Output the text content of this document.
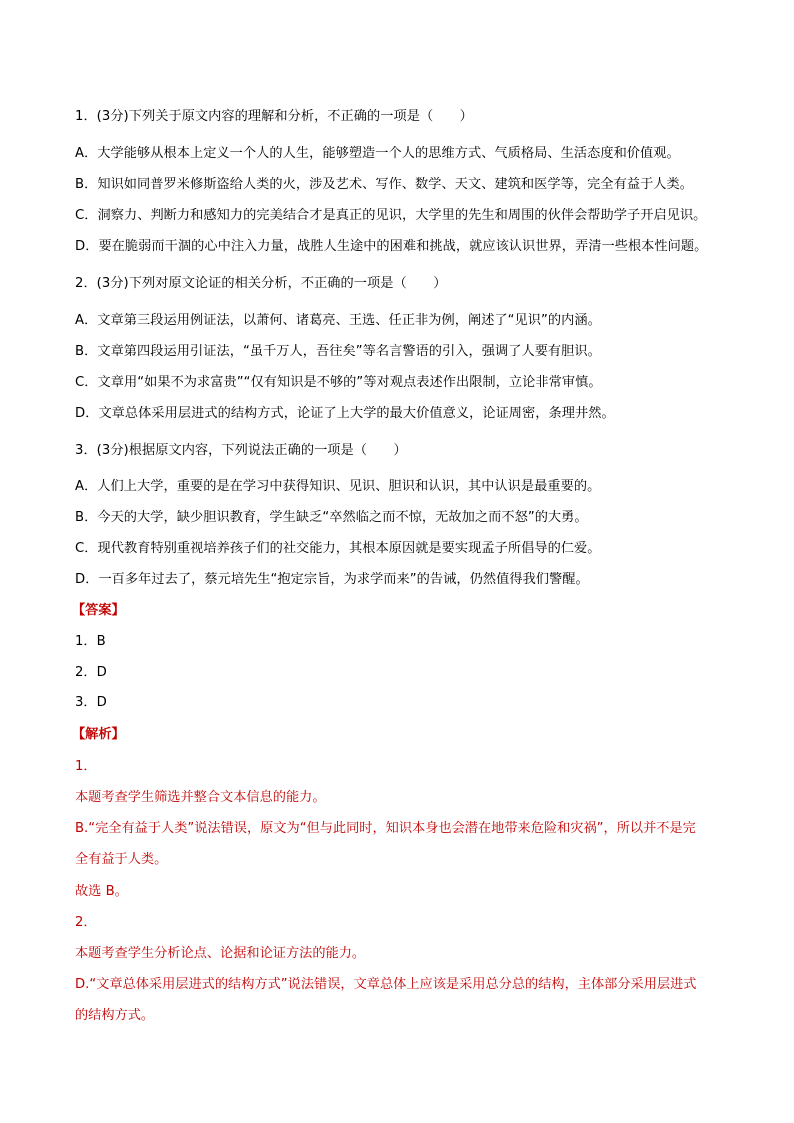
1．(3分)下列关于原文内容的理解和分析，不正确的一项是（　　）
A．大学能够从根本上定义一个人的人生，能够塑造一个人的思维方式、气质格局、生活态度和价值观。
B．知识如同普罗米修斯盗给人类的火，涉及艺术、写作、数学、天文、建筑和医学等，完全有益于人类。
C．洞察力、判断力和感知力的完美结合才是真正的见识，大学里的先生和周围的伙伴会帮助学子开启见识。
D．要在脆弱而干涸的心中注入力量，战胜人生途中的困难和挑战，就应该认识世界，弄清一些根本性问题。
2．(3分)下列对原文论证的相关分析，不正确的一项是（　　）
A．文章第三段运用例证法，以萧何、诸葛亮、王选、任正非为例，阐述了“见识”的内涵。
B．文章第四段运用引证法，“虽千万人，吾往矣”等名言警语的引入，强调了人要有胆识。
C．文章用“如果不为求富贵”“仅有知识是不够的”等对观点表述作出限制，立论非常审慎。
D．文章总体采用层进式的结构方式，论证了上大学的最大价值意义，论证周密，条理井然。
3．(3分)根据原文内容，下列说法正确的一项是（　　）
A．人们上大学，重要的是在学习中获得知识、见识、胆识和认识，其中认识是最重要的。
B．今天的大学，缺少胆识教育，学生缺乏“卒然临之而不惊，无故加之而不怒”的大勇。
C．现代教育特别重视培养孩子们的社交能力，其根本原因就是要实现孟子所倡导的仁爱。
D．一百多年过去了，蔡元培先生“抱定宗旨，为求学而来”的告诫，仍然值得我们警醒。
【答案】
1．B
2．D
3．D
【解析】
1．
本题考查学生筛选并整合文本信息的能力。
B.“完全有益于人类”说法错误，原文为“但与此同时，知识本身也会潜在地带来危险和灾祸”，所以并不是完
全有益于人类。
故选 B。
2．
本题考查学生分析论点、论据和论证方法的能力。
D.“文章总体采用层进式的结构方式”说法错误，文章总体上应该是采用总分总的结构，主体部分采用层进式
的结构方式。
